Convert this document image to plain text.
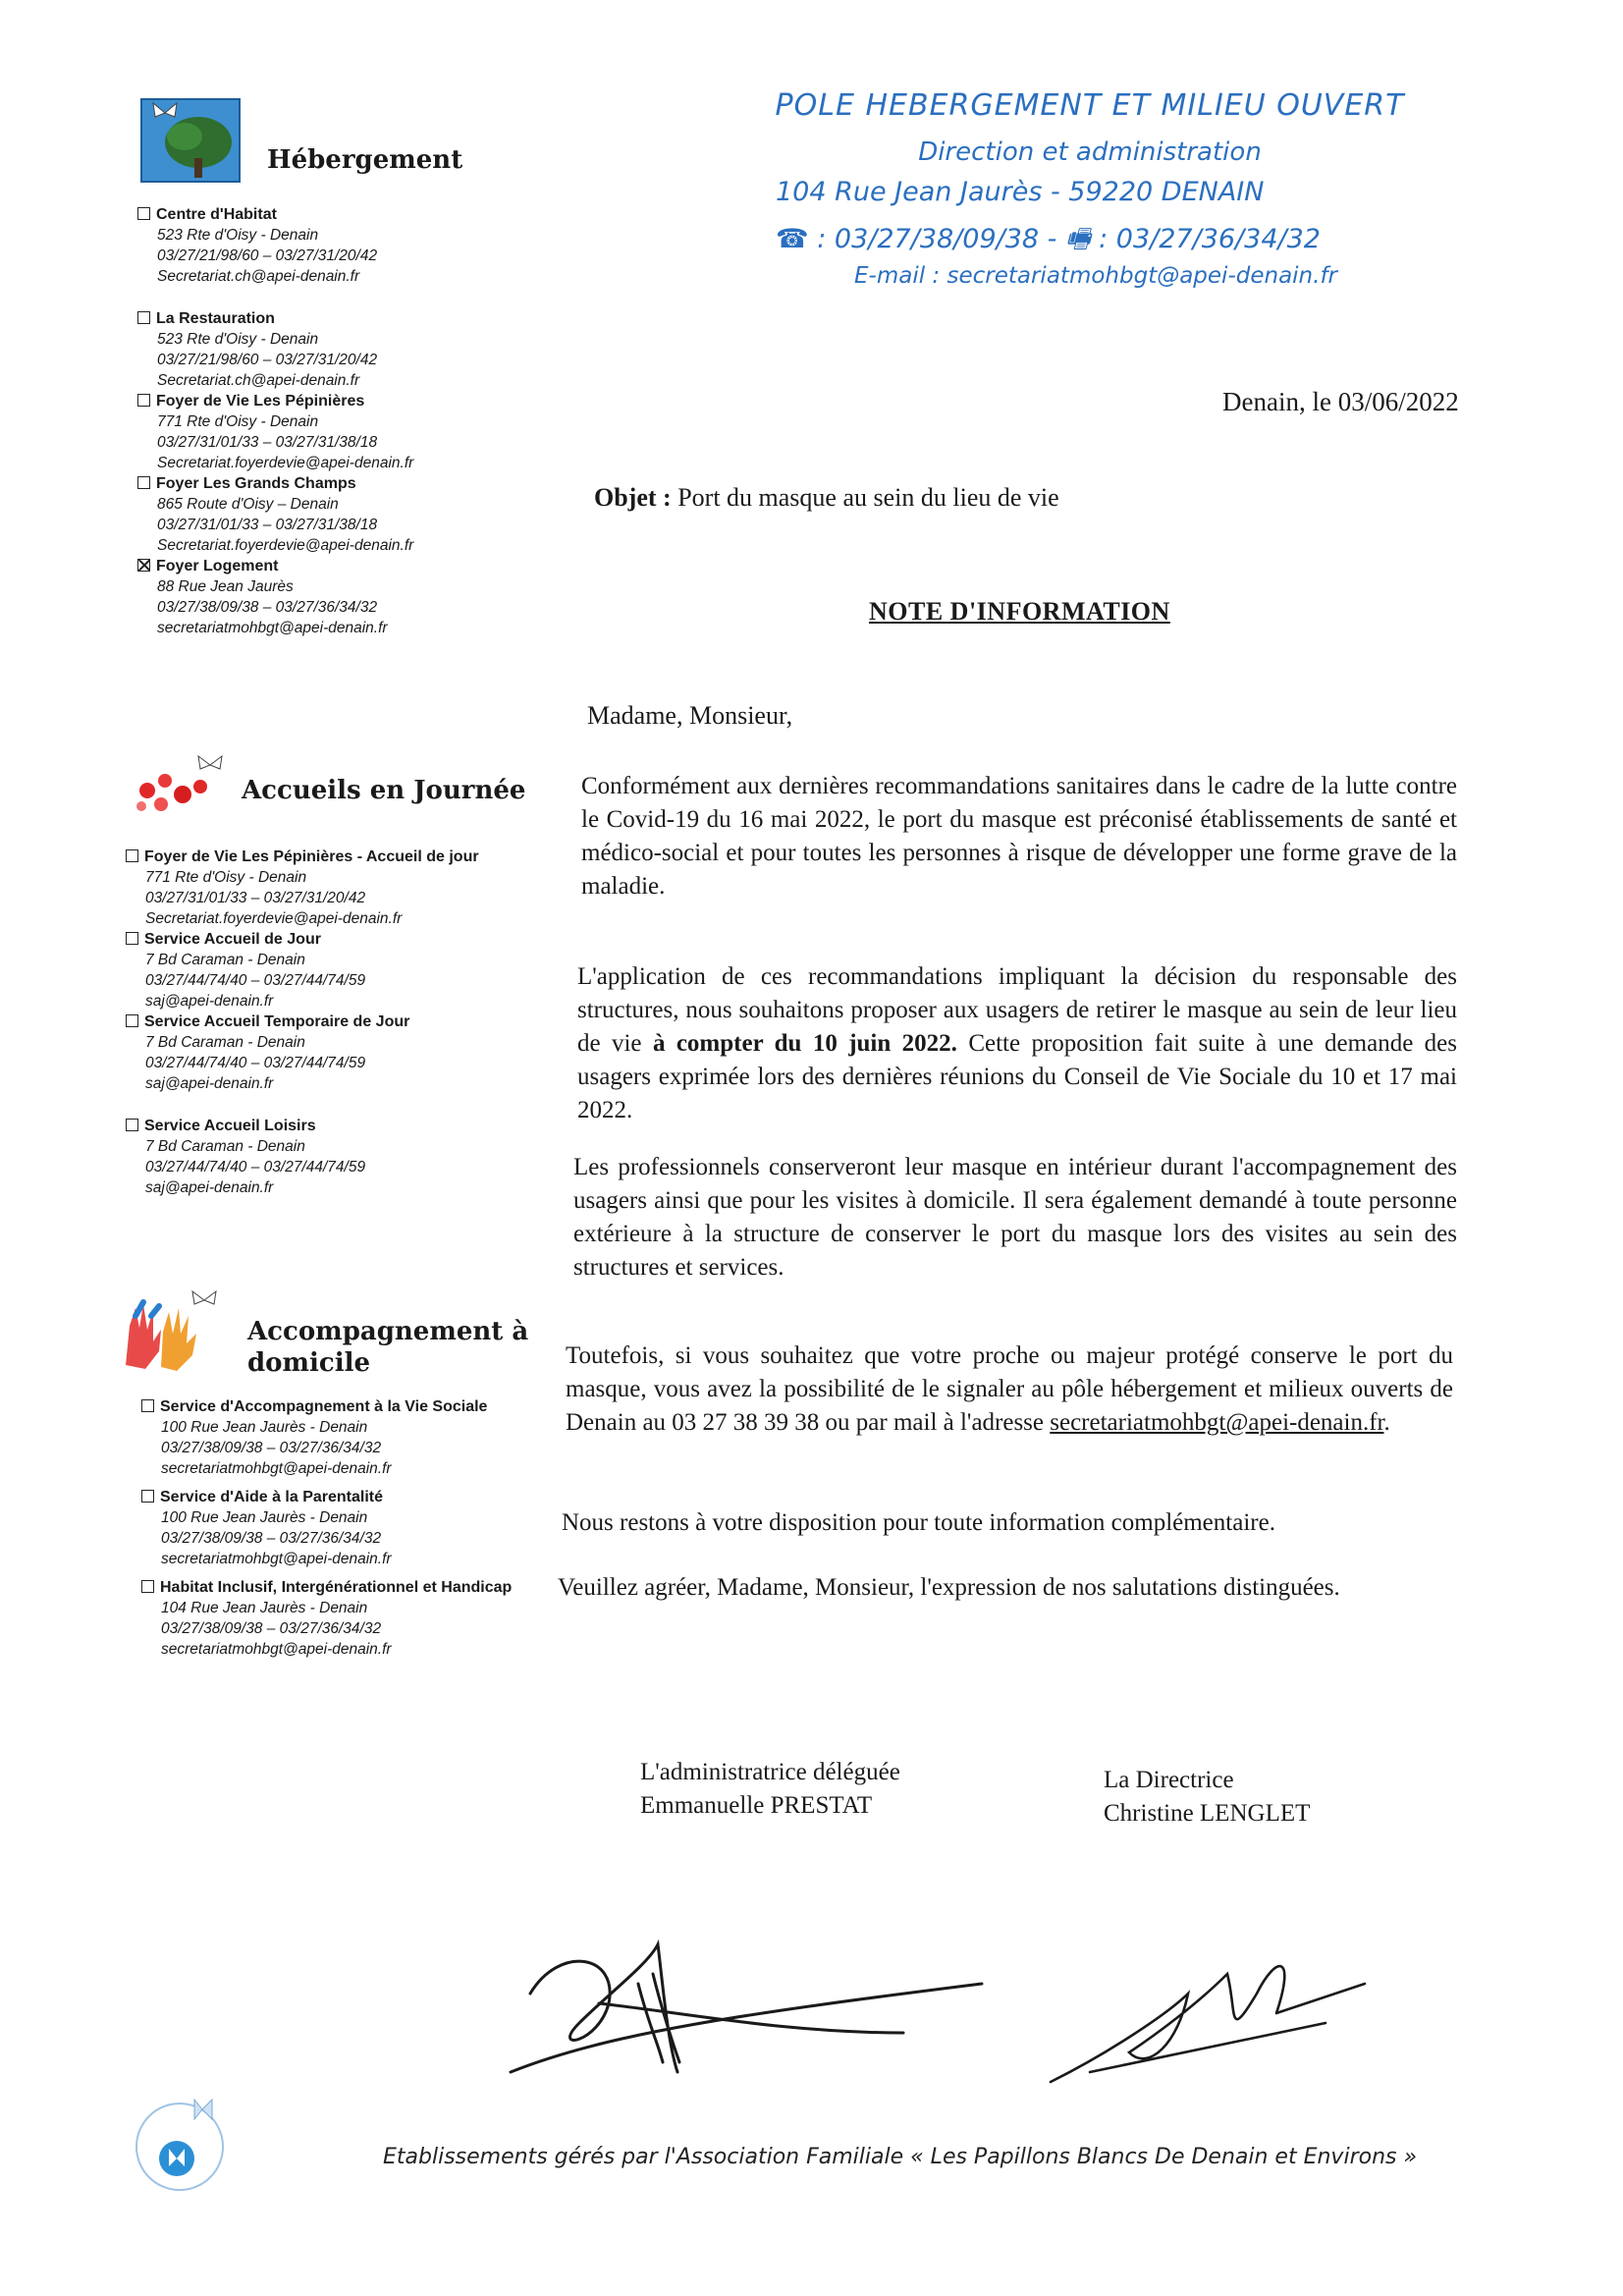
POLE HEBERGEMENT ET MILIEU OUVERT
Direction et administration
104 Rue Jean Jaurès - 59220 DENAIN
☎ : 03/27/38/09/38 - 🖷 : 03/27/36/34/32
E-mail : secretariatmohbgt@apei-denain.fr
Hébergement
Centre d'Habitat
523 Rte d'Oisy - Denain
03/27/21/98/60 – 03/27/31/20/42
Secretariat.ch@apei-denain.fr
La Restauration
523 Rte d'Oisy - Denain
03/27/21/98/60 – 03/27/31/20/42
Secretariat.ch@apei-denain.fr
Foyer de Vie Les Pépinières
771 Rte d'Oisy - Denain
03/27/31/01/33 – 03/27/31/38/18
Secretariat.foyerdevie@apei-denain.fr
Foyer Les Grands Champs
865 Route d'Oisy – Denain
03/27/31/01/33 – 03/27/31/38/18
Secretariat.foyerdevie@apei-denain.fr
Foyer Logement
88 Rue Jean Jaurès
03/27/38/09/38 – 03/27/36/34/32
secretariatmohbgt@apei-denain.fr
Accueils en Journée
Foyer de Vie Les Pépinières - Accueil de jour
771 Rte d'Oisy - Denain
03/27/31/01/33 – 03/27/31/20/42
Secretariat.foyerdevie@apei-denain.fr
Service Accueil de Jour
7 Bd Caraman - Denain
03/27/44/74/40 – 03/27/44/74/59
saj@apei-denain.fr
Service Accueil Temporaire de Jour
7 Bd Caraman - Denain
03/27/44/74/40 – 03/27/44/74/59
saj@apei-denain.fr
Service Accueil Loisirs
7 Bd Caraman - Denain
03/27/44/74/40 – 03/27/44/74/59
saj@apei-denain.fr
Accompagnement à
domicile
Service d'Accompagnement à la Vie Sociale
100 Rue Jean Jaurès - Denain
03/27/38/09/38 – 03/27/36/34/32
secretariatmohbgt@apei-denain.fr
Service d'Aide à la Parentalité
100 Rue Jean Jaurès - Denain
03/27/38/09/38 – 03/27/36/34/32
secretariatmohbgt@apei-denain.fr
Habitat Inclusif, Intergénérationnel et Handicap
104 Rue Jean Jaurès - Denain
03/27/38/09/38 – 03/27/36/34/32
secretariatmohbgt@apei-denain.fr
Denain, le 03/06/2022
Objet : Port du masque au sein du lieu de vie
NOTE D'INFORMATION
Madame, Monsieur,
Conformément aux dernières recommandations sanitaires dans le cadre de la lutte contre le Covid-19 du 16 mai 2022, le port du masque est préconisé établissements de santé et médico-social et pour toutes les personnes à risque de développer une forme grave de la maladie.
L'application de ces recommandations impliquant la décision du responsable des structures, nous souhaitons proposer aux usagers de retirer le masque au sein de leur lieu de vie à compter du 10 juin 2022. Cette proposition fait suite à une demande des usagers exprimée lors des dernières réunions du Conseil de Vie Sociale du 10 et 17 mai 2022.
Les professionnels conserveront leur masque en intérieur durant l'accompagnement des usagers ainsi que pour les visites à domicile. Il sera également demandé à toute personne extérieure à la structure de conserver le port du masque lors des visites au sein des structures et services.
Toutefois, si vous souhaitez que votre proche ou majeur protégé conserve le port du masque, vous avez la possibilité de le signaler au pôle hébergement et milieux ouverts de Denain au 03 27 38 39 38 ou par mail à l'adresse secretariatmohbgt@apei-denain.fr.
Nous restons à votre disposition pour toute information complémentaire.
Veuillez agréer, Madame, Monsieur, l'expression de nos salutations distinguées.
L'administratrice déléguée
Emmanuelle PRESTAT
La Directrice
Christine LENGLET
Etablissements gérés par l'Association Familiale « Les Papillons Blancs De Denain et Environs »
